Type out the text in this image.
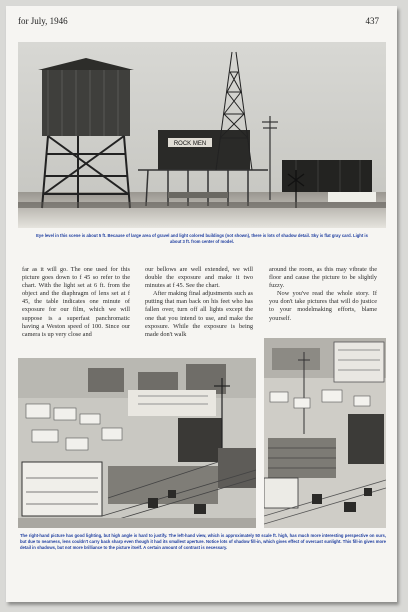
for July, 1946	437
ROCK MEN
Eye level in this scene is about 5 ft. Because of large area of gravel and light colored buildings (not shown), there is lots of shadow detail. Sky is flat gray card. Light is about 3 ft. from center of model.

far as it will go. The one used for this picture goes down to f 45 so refer to the chart. With the light set at 6 ft. from the object and the diaphragm of lens set at f 45, the table indicates one minute of exposure for our film, which we will suppose is a superfast panchromatic having a Weston speed of 100. Since our camera is up very close and

our bellows are well extended, we will double the exposure and make it two minutes at f 45. See the chart.

After making final adjustments such as putting that man back on his feet who has fallen over, turn off all lights except the one that you intend to use, and make the exposure. While the exposure is being made don't walk

around the room, as this may vibrate the floor and cause the picture to be slightly fuzzy.

Now you've read the whole story. If you don't take pictures that will do justice to your modelmaking efforts, blame yourself.

The right-hand picture has good lighting, but high angle is hard to justify. The left-hand view, which is approximately 50 scale ft. high, has much more interesting perspective on ours, but due to nearness, lens couldn't carry back sharp even though it had its smallest aperture. Notice lots of shadow fill-in, which gives effect of overcast sunlight. This fill-in gives more detail in shadows, but not more brilliance to the picture itself. A certain amount of contrast is necessary.
